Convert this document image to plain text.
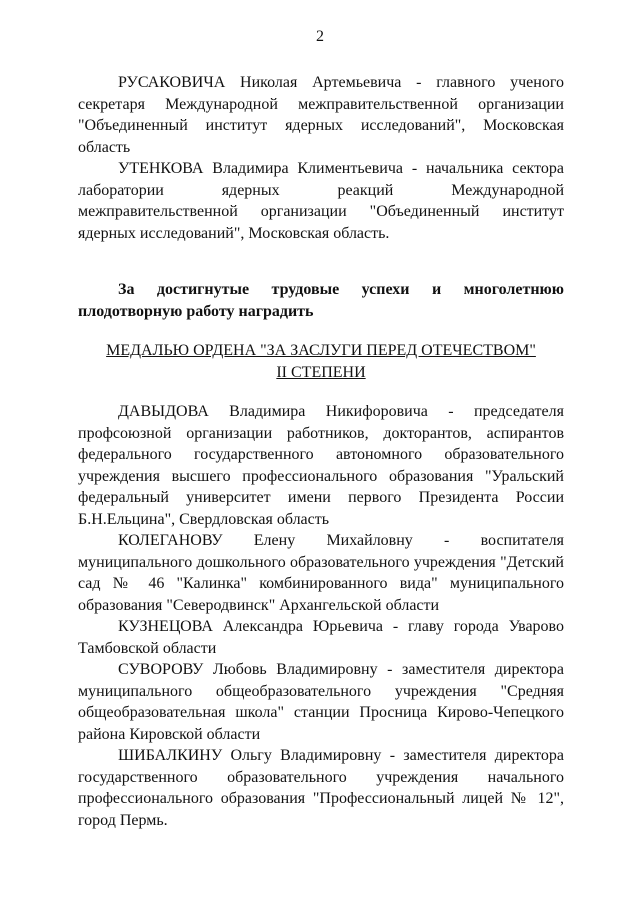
2

РУСАКОВИЧА Николая Артемьевича - главного ученого секретаря Международной межправительственной организации "Объединенный институт ядерных исследований", Московская область

УТЕНКОВА Владимира Климентьевича - начальника сектора лаборатории ядерных реакций Международной межправительственной организации "Объединенный институт ядерных исследований", Московская область.

За достигнутые трудовые успехи и многолетнюю плодотворную работу наградить

МЕДАЛЬЮ ОРДЕНА "ЗА ЗАСЛУГИ ПЕРЕД ОТЕЧЕСТВОМ"

II СТЕПЕНИ

ДАВЫДОВА Владимира Никифоровича - председателя профсоюзной организации работников, докторантов, аспирантов федерального государственного автономного образовательного учреждения высшего профессионального образования "Уральский федеральный университет имени первого Президента России Б.Н.Ельцина", Свердловская область

КОЛЕГАНОВУ Елену Михайловну - воспитателя муниципального дошкольного образовательного учреждения "Детский сад № 46 "Калинка" комбинированного вида" муниципального образования "Северодвинск" Архангельской области

КУЗНЕЦОВА Александра Юрьевича - главу города Уварово Тамбовской области

СУВОРОВУ Любовь Владимировну - заместителя директора муниципального общеобразовательного учреждения "Средняя общеобразовательная школа" станции Просница Кирово-Чепецкого района Кировской области

ШИБАЛКИНУ Ольгу Владимировну - заместителя директора государственного образовательного учреждения начального профессионального образования "Профессиональный лицей № 12", город Пермь.
